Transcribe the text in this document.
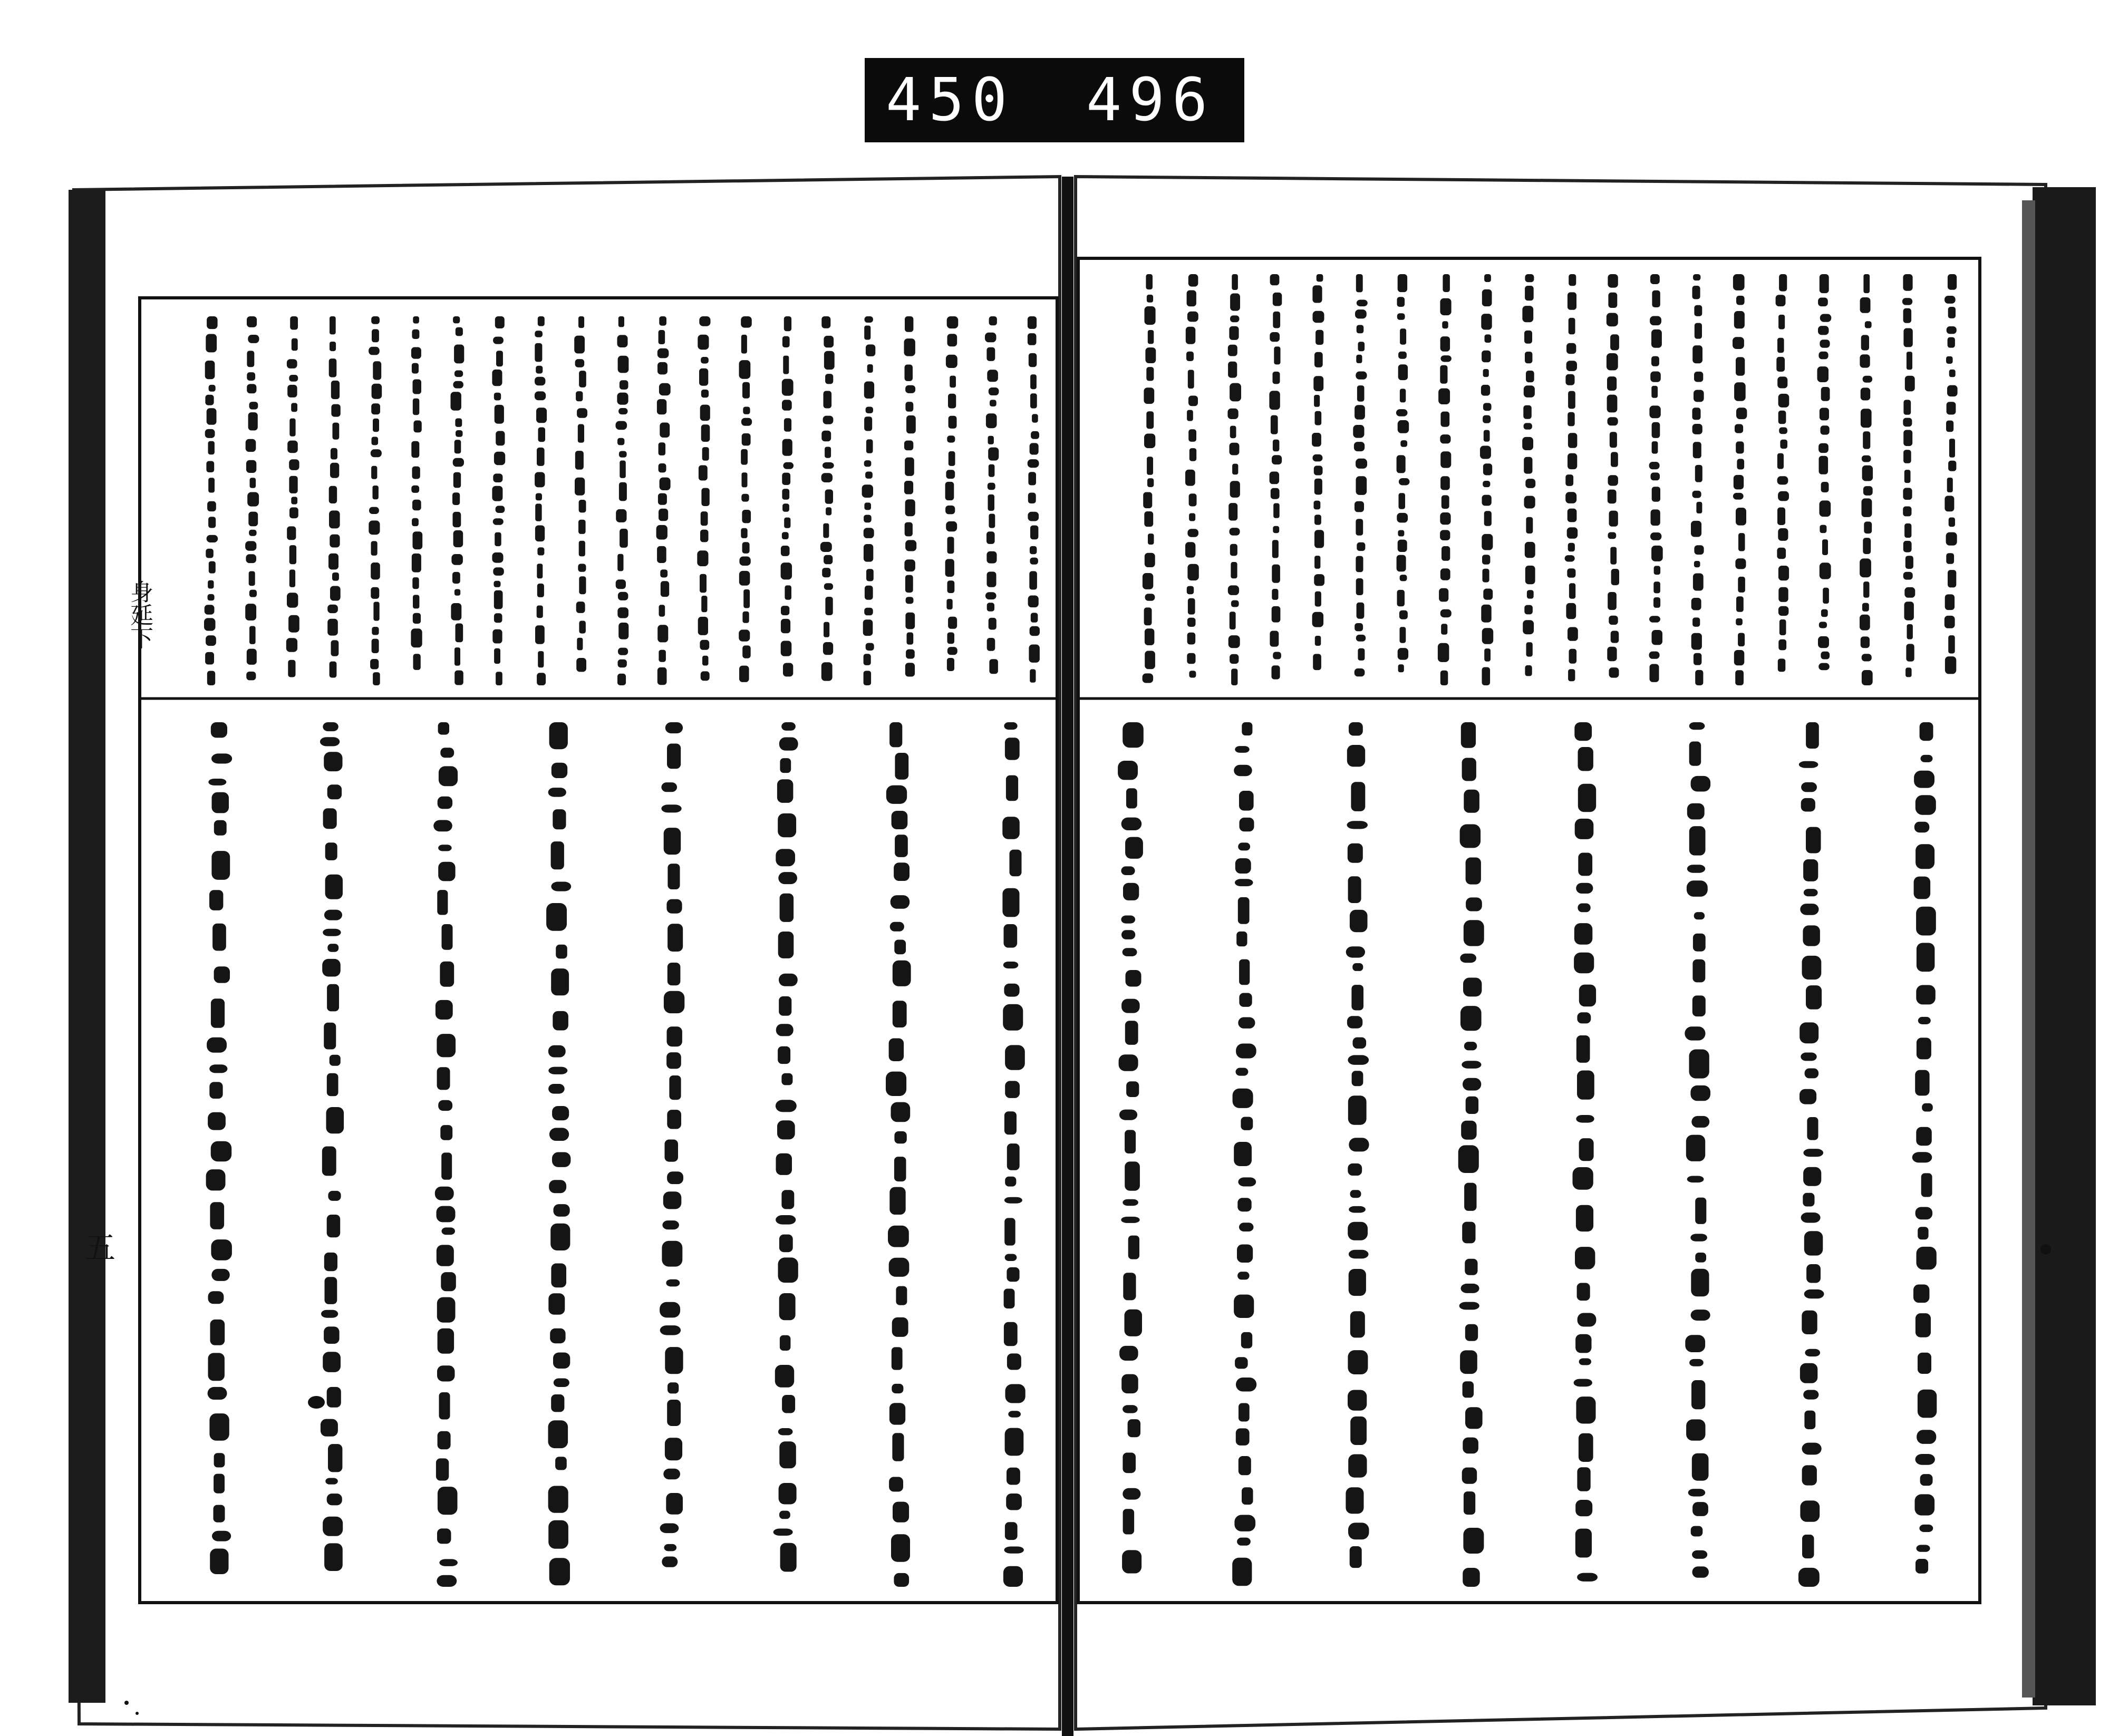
450 496
身延下
五
